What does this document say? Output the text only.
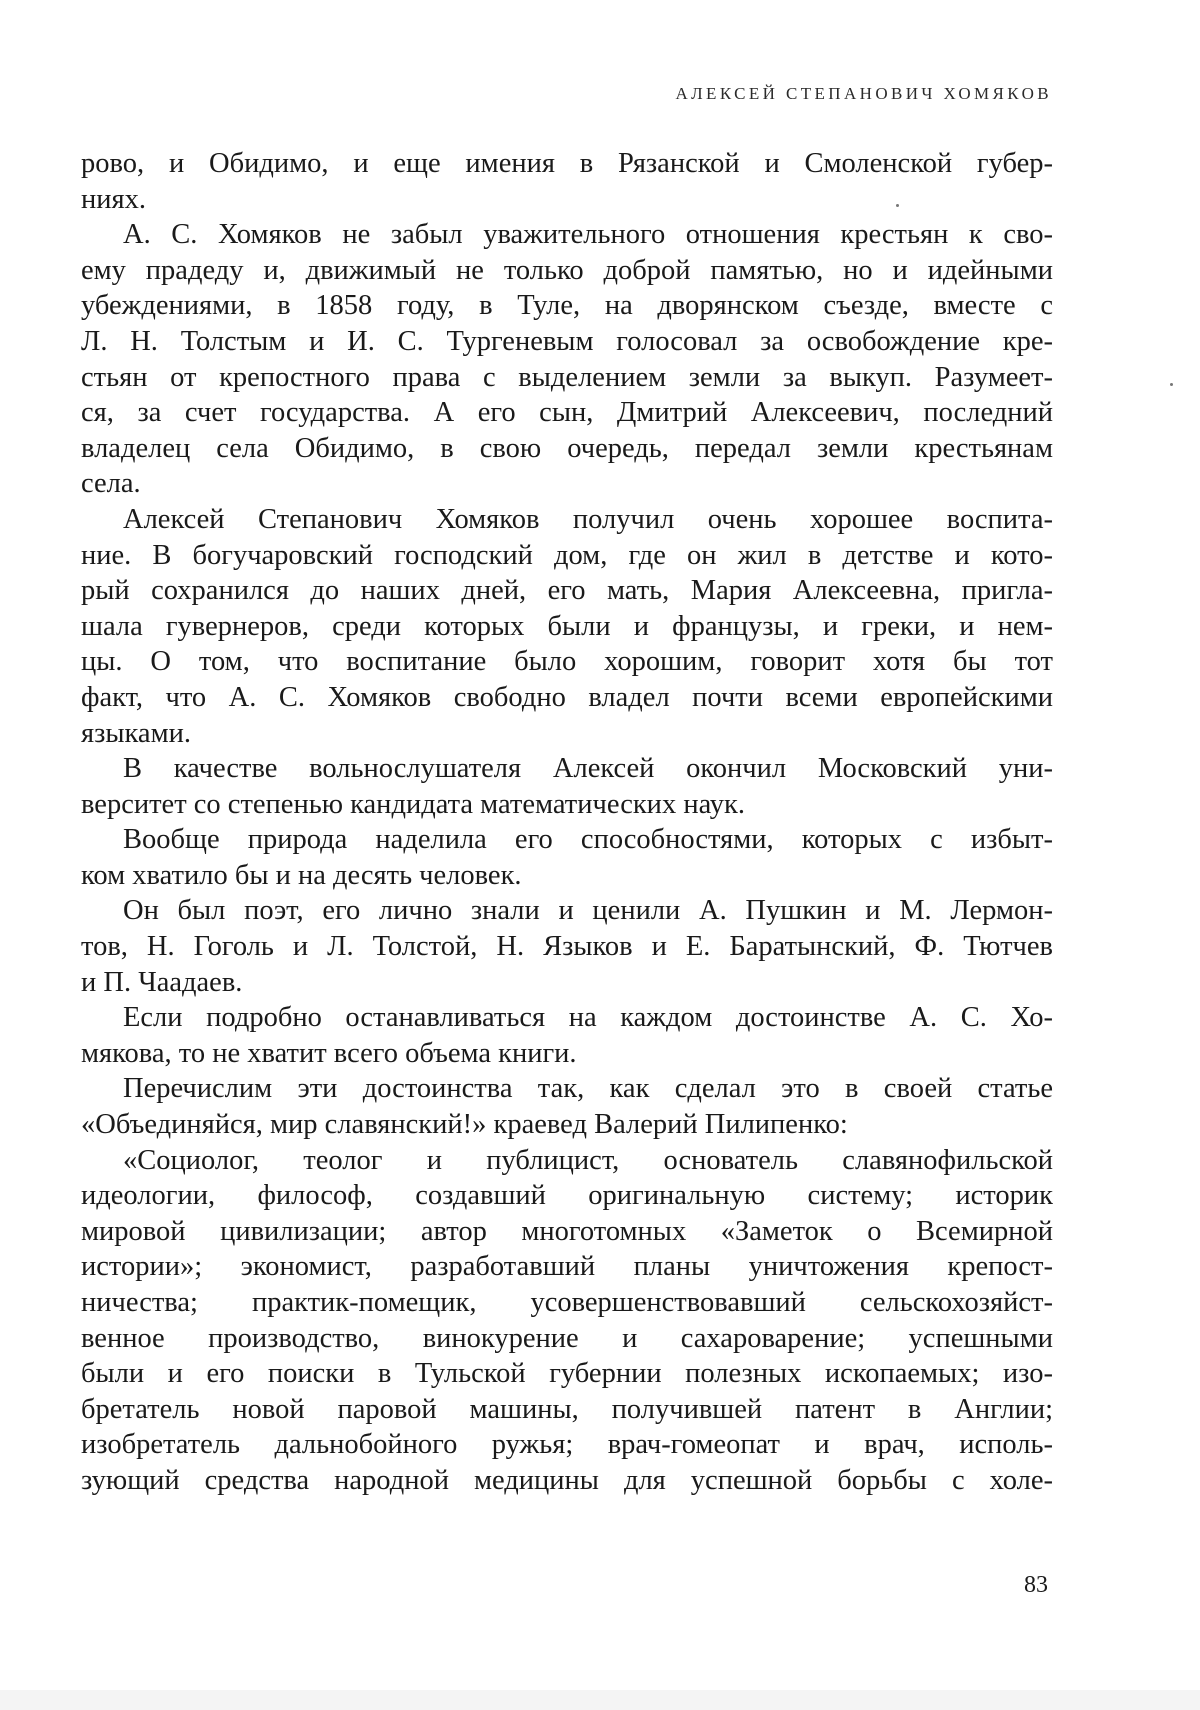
АЛЕКСЕЙ СТЕПАНОВИЧ ХОМЯКОВ
рово, и Обидимо, и еще имения в Рязанской и Смоленской губер-
ниях.
А. С. Хомяков не забыл уважительного отношения крестьян к сво-
ему прадеду и, движимый не только доброй памятью, но и идейными
убеждениями, в 1858 году, в Туле, на дворянском съезде, вместе с
Л. Н. Толстым и И. С. Тургеневым голосовал за освобождение кре-
стьян от крепостного права с выделением земли за выкуп. Разумеет-
ся, за счет государства. А его сын, Дмитрий Алексеевич, последний
владелец села Обидимо, в свою очередь, передал земли крестьянам
села.
Алексей Степанович Хомяков получил очень хорошее воспита-
ние. В богучаровский господский дом, где он жил в детстве и кото-
рый сохранился до наших дней, его мать, Мария Алексеевна, пригла-
шала гувернеров, среди которых были и французы, и греки, и нем-
цы. О том, что воспитание было хорошим, говорит хотя бы тот
факт, что А. С. Хомяков свободно владел почти всеми европейскими
языками.
В качестве вольнослушателя Алексей окончил Московский уни-
верситет со степенью кандидата математических наук.
Вообще природа наделила его способностями, которых с избыт-
ком хватило бы и на десять человек.
Он был поэт, его лично знали и ценили А. Пушкин и М. Лермон-
тов, Н. Гоголь и Л. Толстой, Н. Языков и Е. Баратынский, Ф. Тютчев
и П. Чаадаев.
Если подробно останавливаться на каждом достоинстве А. С. Хо-
мякова, то не хватит всего объема книги.
Перечислим эти достоинства так, как сделал это в своей статье
«Объединяйся, мир славянский!» краевед Валерий Пилипенко:
«Социолог, теолог и публицист, основатель славянофильской
идеологии, философ, создавший оригинальную систему; историк
мировой цивилизации; автор многотомных «Заметок о Всемирной
истории»; экономист, разработавший планы уничтожения крепост-
ничества; практик-помещик, усовершенствовавший сельскохозяйст-
венное производство, винокурение и сахароварение; успешными
были и его поиски в Тульской губернии полезных ископаемых; изо-
бретатель новой паровой машины, получившей патент в Англии;
изобретатель дальнобойного ружья; врач-гомеопат и врач, исполь-
зующий средства народной медицины для успешной борьбы с холе-
83
